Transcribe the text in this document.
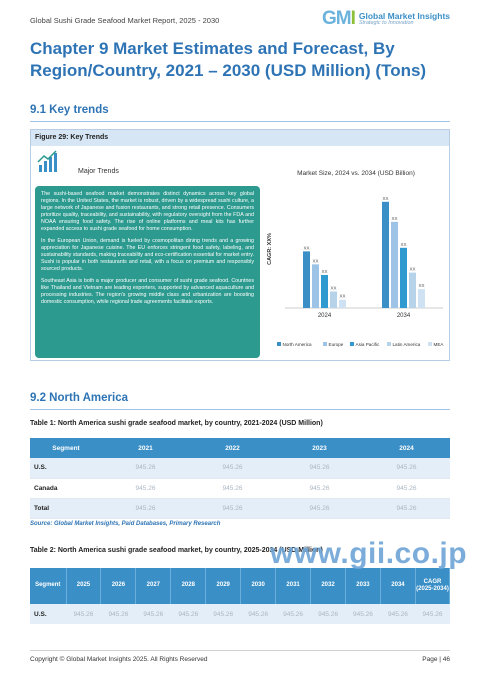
Global Sushi Grade Seafood Market Report, 2025 - 2030	GMI Global Market Insights
Strategic to Innovation
Chapter 9 Market Estimates and Forecast, By Region/Country, 2021 – 2030 (USD Million) (Tons)
9.1 Key trends
Figure 29: Key Trends
Major Trends

The sushi-based seafood market demonstrates distinct dynamics across key global regions. In the United States, the market is robust, driven by a widespread sushi culture, a large network of Japanese and fusion restaurants, and strong retail presence. Consumers prioritize quality, traceability, and sustainability, with regulatory oversight from the FDA and NOAA ensuring food safety. The rise of online platforms and meal kits has further expanded access to sushi grade seafood for home consumption.

In the European Union, demand is fueled by cosmopolitan dining trends and a growing appreciation for Japanese cuisine. The EU enforces stringent food safety, labeling, and sustainability standards, making traceability and eco-certification essential for market entry. Sushi is popular in both restaurants and retail, with a focus on premium and responsibly sourced products.

Southeast Asia is both a major producer and consumer of sushi grade seafood. Countries like Thailand and Vietnam are leading exporters, supported by advanced aquaculture and processing industries. The region's growing middle class and urbanization are boosting domestic consumption, while regional trade agreements facilitate exports.

Market Size, 2024 vs. 2034 (USD Billion)
CAGR: XX%	XX
XX
XX
XX
XX
2024
XX
XX
XX
XX
XX
2034
North America	Europe	Asia Pacific	Latin America	MEA
9.2 North America
Table 1: North America sushi grade seafood market, by country, 2021-2024 (USD Million)
Segment	2021	2022	2023	2024
U.S.	945.26	945.26	945.26	945.26
Canada	945.26	945.26	945.26	945.26
Total	945.26	945.26	945.26	945.26
Source: Global Market Insights, Paid Databases, Primary Research
Table 2: North America sushi grade seafood market, by country, 2025-2034 (USD Million)
Segment	2025	2026	2027	2028	2029	2030	2031	2032	2033	2034	CAGR (2025-2034)
U.S.	945.26	945.26	945.26	945.26	945.26	945.26	945.26	945.26	945.26	945.26	945.26
www.gii.co.jp
Copyright © Global Market Insights 2025. All Rights Reserved	Page | 46
